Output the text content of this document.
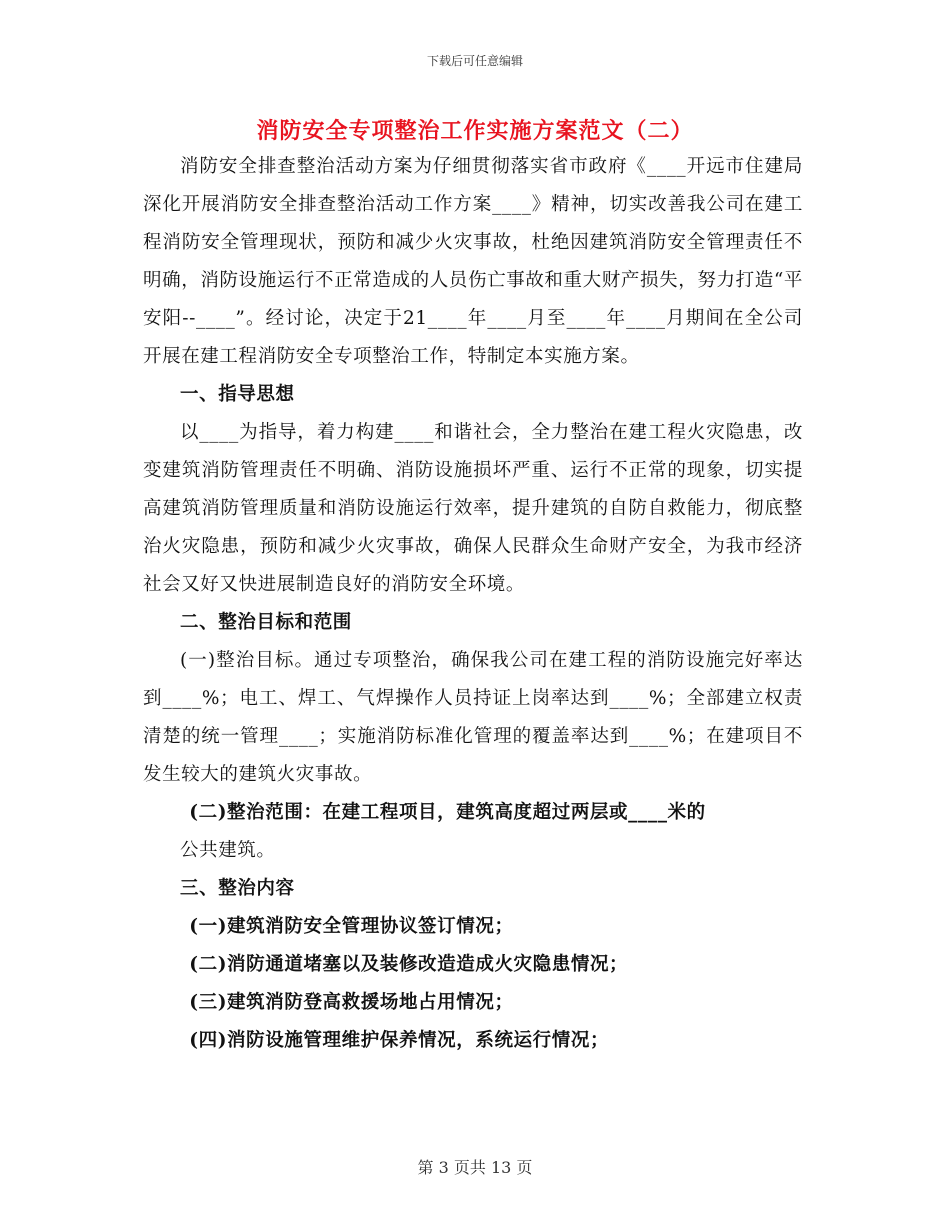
下载后可任意编辑
消防安全专项整治工作实施方案范文（二）

消防安全排查整治活动方案为仔细贯彻落实省市政府《____开远市住建局深化开展消防安全排查整治活动工作方案____》精神，切实改善我公司在建工程消防安全管理现状，预防和减少火灾事故，杜绝因建筑消防安全管理责任不明确，消防设施运行不正常造成的人员伤亡事故和重大财产损失，努力打造“平安阳--____”。经讨论，决定于21____年____月至____年____月期间在全公司开展在建工程消防安全专项整治工作，特制定本实施方案。

一、指导思想

以____为指导，着力构建____和谐社会，全力整治在建工程火灾隐患，改变建筑消防管理责任不明确、消防设施损坏严重、运行不正常的现象，切实提高建筑消防管理质量和消防设施运行效率，提升建筑的自防自救能力，彻底整治火灾隐患，预防和减少火灾事故，确保人民群众生命财产安全，为我市经济社会又好又快进展制造良好的消防安全环境。

二、整治目标和范围

(一)整治目标。通过专项整治，确保我公司在建工程的消防设施完好率达到____%；电工、焊工、气焊操作人员持证上岗率达到____%；全部建立权责清楚的统一管理____；实施消防标准化管理的覆盖率达到____%；在建项目不发生较大的建筑火灾事故。

(二)整治范围：在建工程项目，建筑高度超过两层或____米的

公共建筑。

三、整治内容

(一)建筑消防安全管理协议签订情况；

(二)消防通道堵塞以及装修改造造成火灾隐患情况；

(三)建筑消防登高救援场地占用情况；

(四)消防设施管理维护保养情况，系统运行情况；

第 3 页共 13 页
